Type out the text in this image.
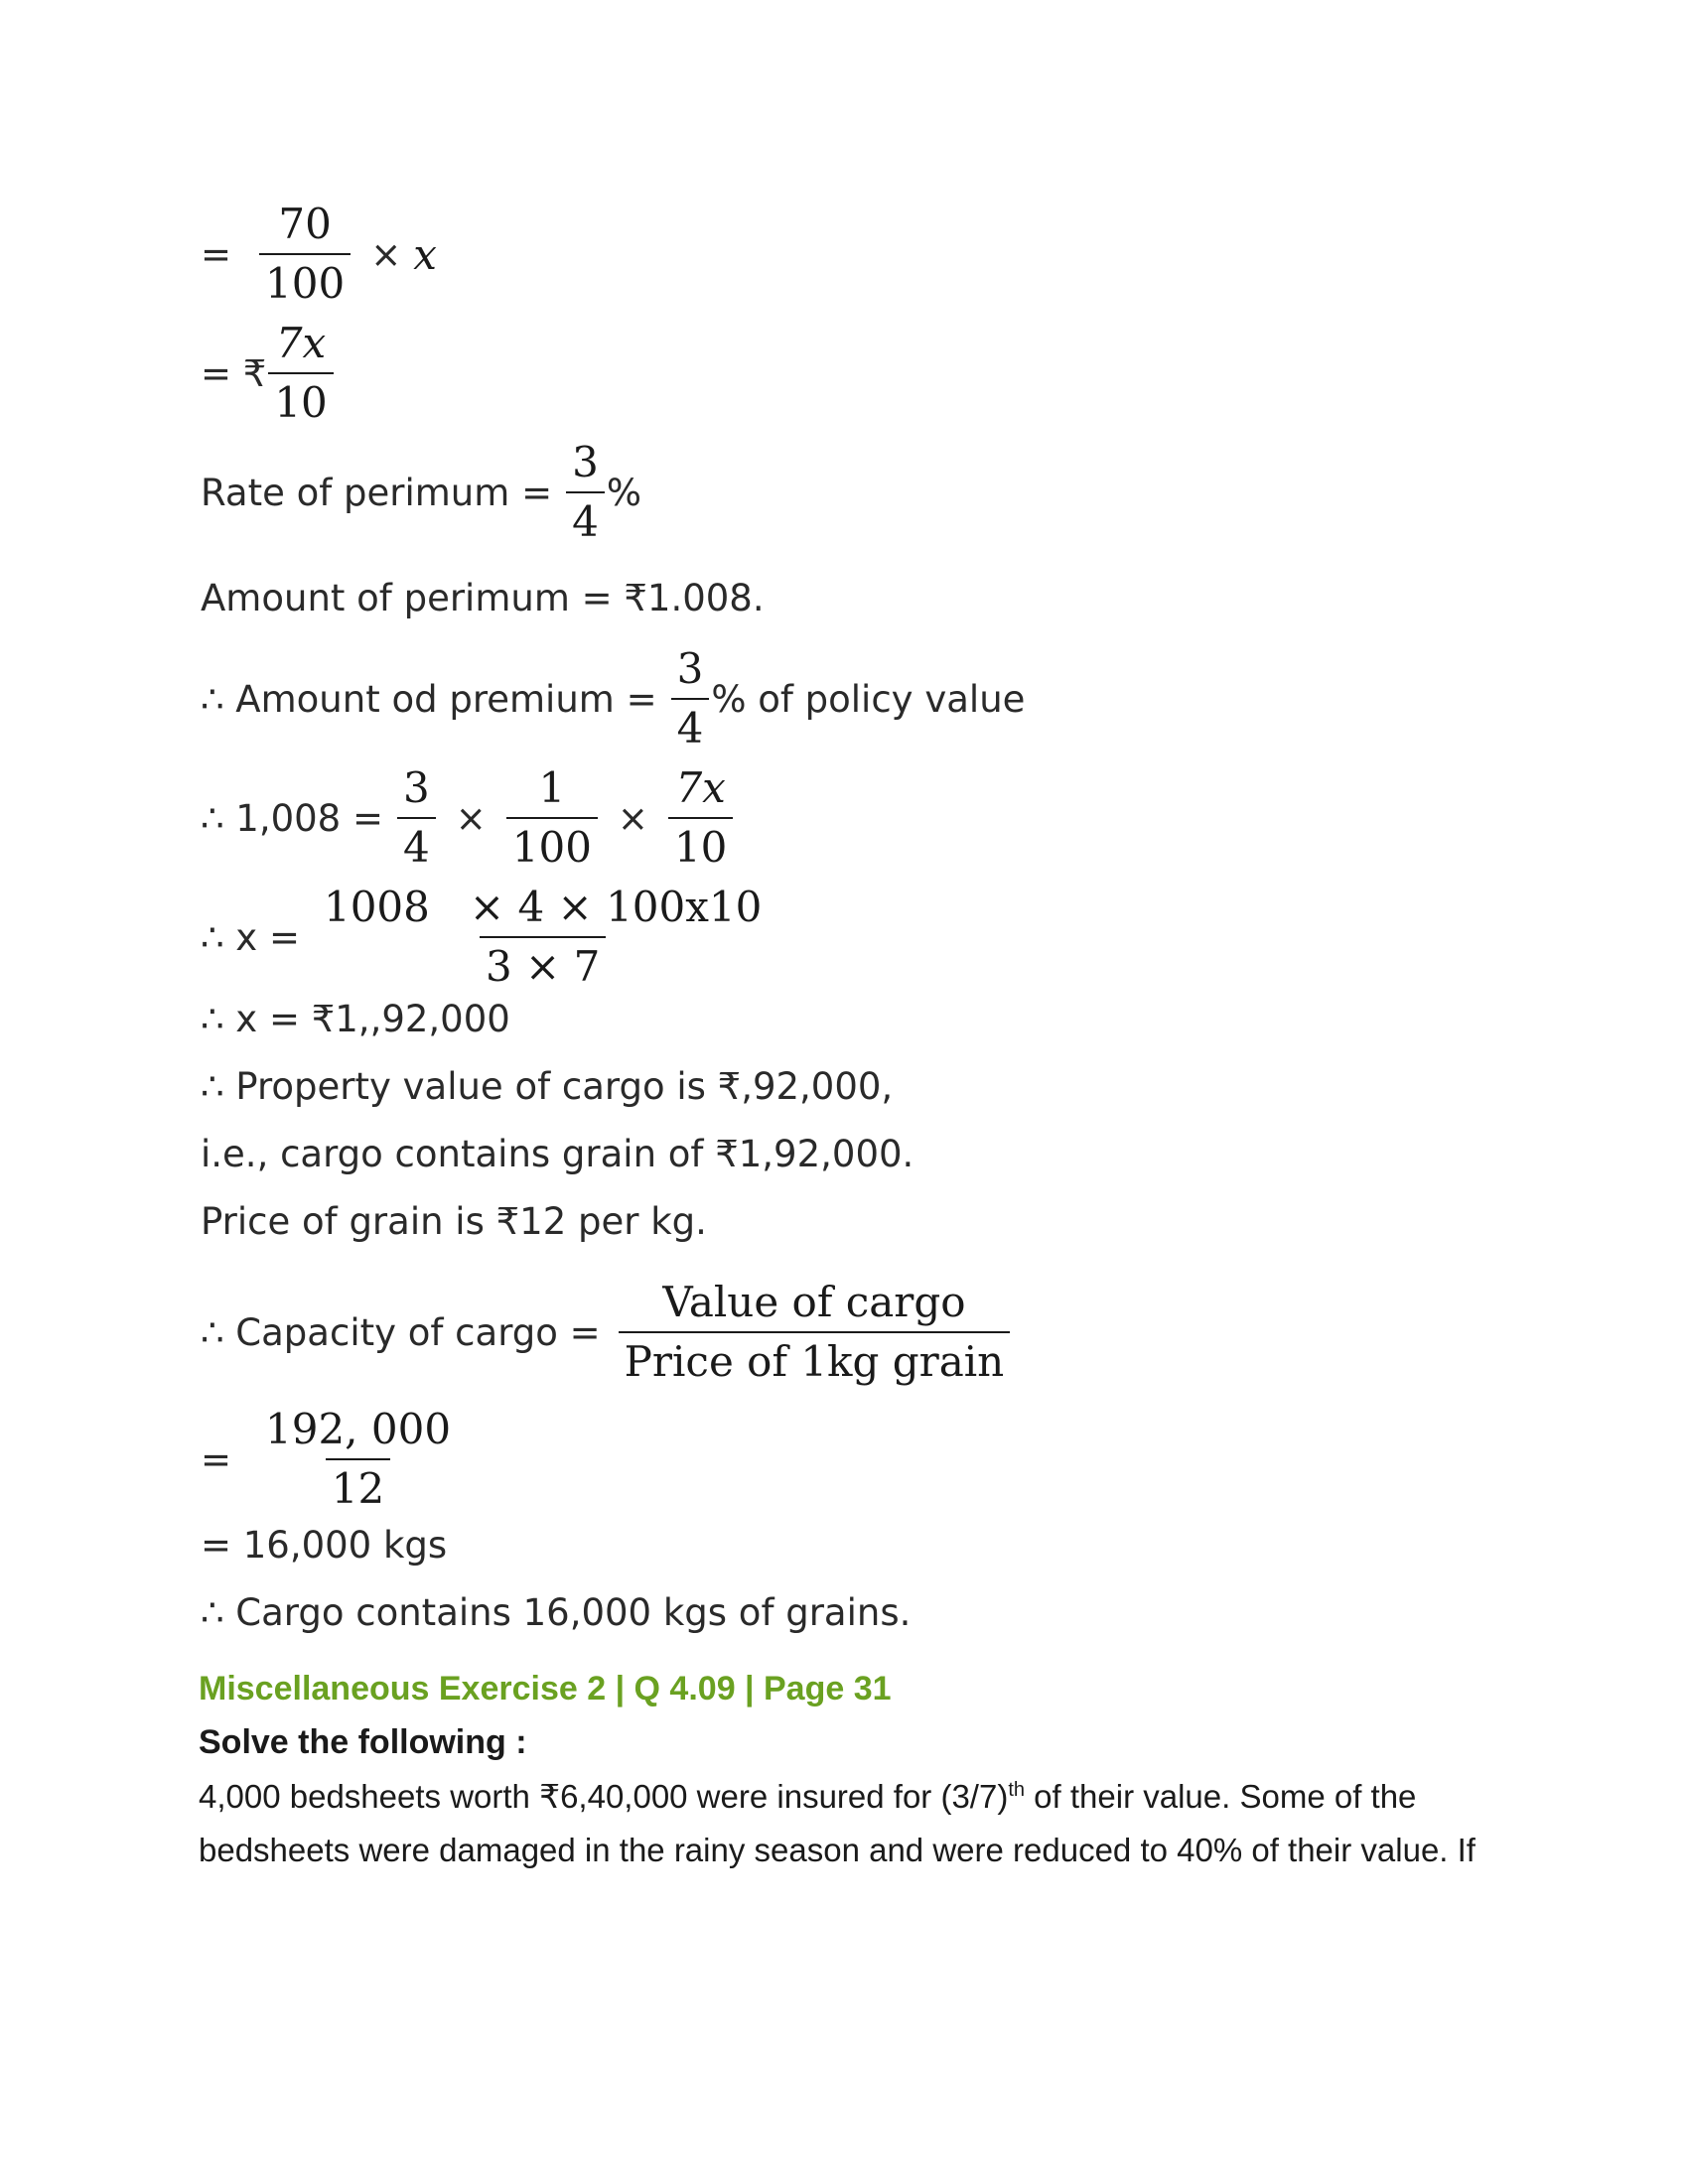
= $\frac{70}{100} \times x$
= ₹ $\frac{7x}{10}$
Rate of perimum = $\frac{3}{4}$ %
Amount of perimum = ₹1.008.
∴ Amount od premium = $\frac{3}{4}$ % of policy value
∴ $1,008 = \frac{3}{4} \times \frac{1}{100} \times \frac{7x}{10}$
∴ $x = \frac{1008 \times 4 \times 100x10}{3 \times 7}$
∴ x = ₹1,,92,000
∴ Property value of cargo is ₹,92,000,
i.e., cargo contains grain of ₹1,92,000.
Price of grain is ₹12 per kg.
∴ Capacity of cargo = $\frac{\text{Value of cargo}}{\text{Price of 1kg grain}}$
= $\frac{192, 000}{12}$
= 16,000 kgs
∴ Cargo contains 16,000 kgs of grains.
Miscellaneous Exercise 2 | Q 4.09 | Page 31
Solve the following :
4,000 bedsheets worth ₹6,40,000 were insured for $(3/7)^{th}$ of their value. Some of the
bedsheets were damaged in the rainy season and were reduced to 40% of their value. If
